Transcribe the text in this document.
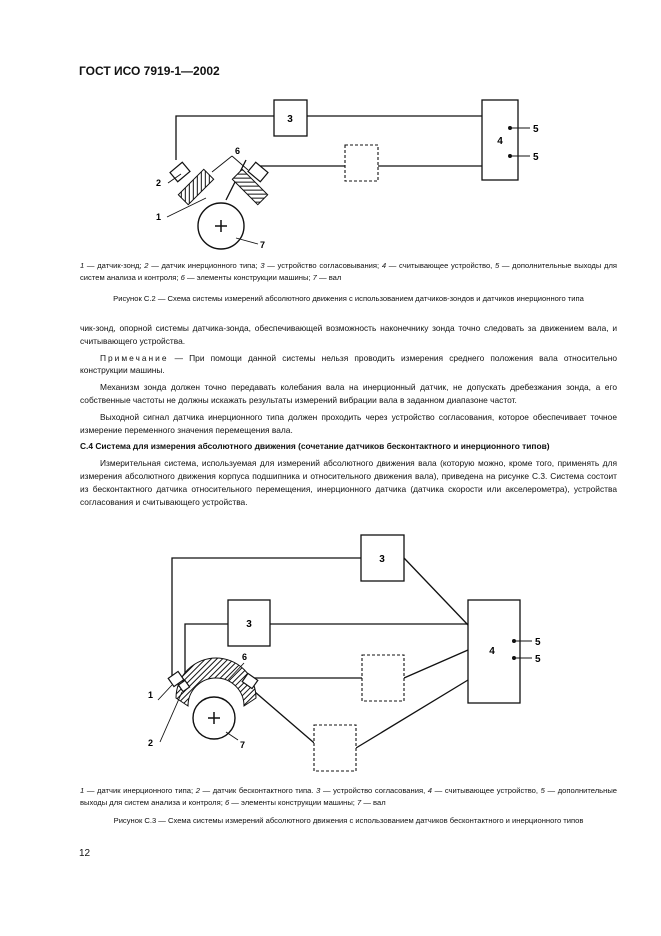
ГОСТ ИСО 7919-1—2002
3
4
5
5
2
1
6
7
1 — датчик-зонд; 2 — датчик инерционного типа; 3 — устройство согласовывания; 4 — считывающее устройство, 5 — дополнительные выходы для систем анализа и контроля; 6 — элементы конструкции машины; 7 — вал
Рисунок С.2 — Схема системы измерений абсолютного движения с использованием датчиков-зондов и датчиков инерционного типа

чик-зонд, опорной системы датчика-зонда, обеспечивающей возможность наконечнику зонда точно следовать за движением вала, и считывающего устройства.

Примечание — При помощи данной системы нельзя проводить измерения среднего положения вала относительно конструкции машины.

Механизм зонда должен точно передавать колебания вала на инерционный датчик, не допускать дребезжания зонда, а его собственные частоты не должны искажать результаты измерений вибрации вала в заданном диапазоне частот.

Выходной сигнал датчика инерционного типа должен проходить через устройство согласования, которое обеспечивает точное измерение переменного значения перемещения вала.

С.4 Система для измерения абсолютного движения (сочетание датчиков бесконтактного и инерционного типов)

Измерительная система, используемая для измерений абсолютного движения вала (которую можно, кроме того, применять для измерения абсолютного движения корпуса подшипника и относительного движения вала), приведена на рисунке С.3. Система состоит из бесконтактного датчика относительного перемещения, инерционного датчика (датчика скорости или акселерометра), устройства согласования и считывающего устройства.

3
3
4
5
5
1
2
6
7
1 — датчик инерционного типа; 2 — датчик бесконтактного типа. 3 — устройство согласования, 4 — считывающее устройство, 5 — дополнительные выходы для систем анализа и контроля; 6 — элементы конструкции машины; 7 — вал
Рисунок С.3 — Схема системы измерений абсолютного движения с использованием датчиков бесконтактного и инерционного типов
12
